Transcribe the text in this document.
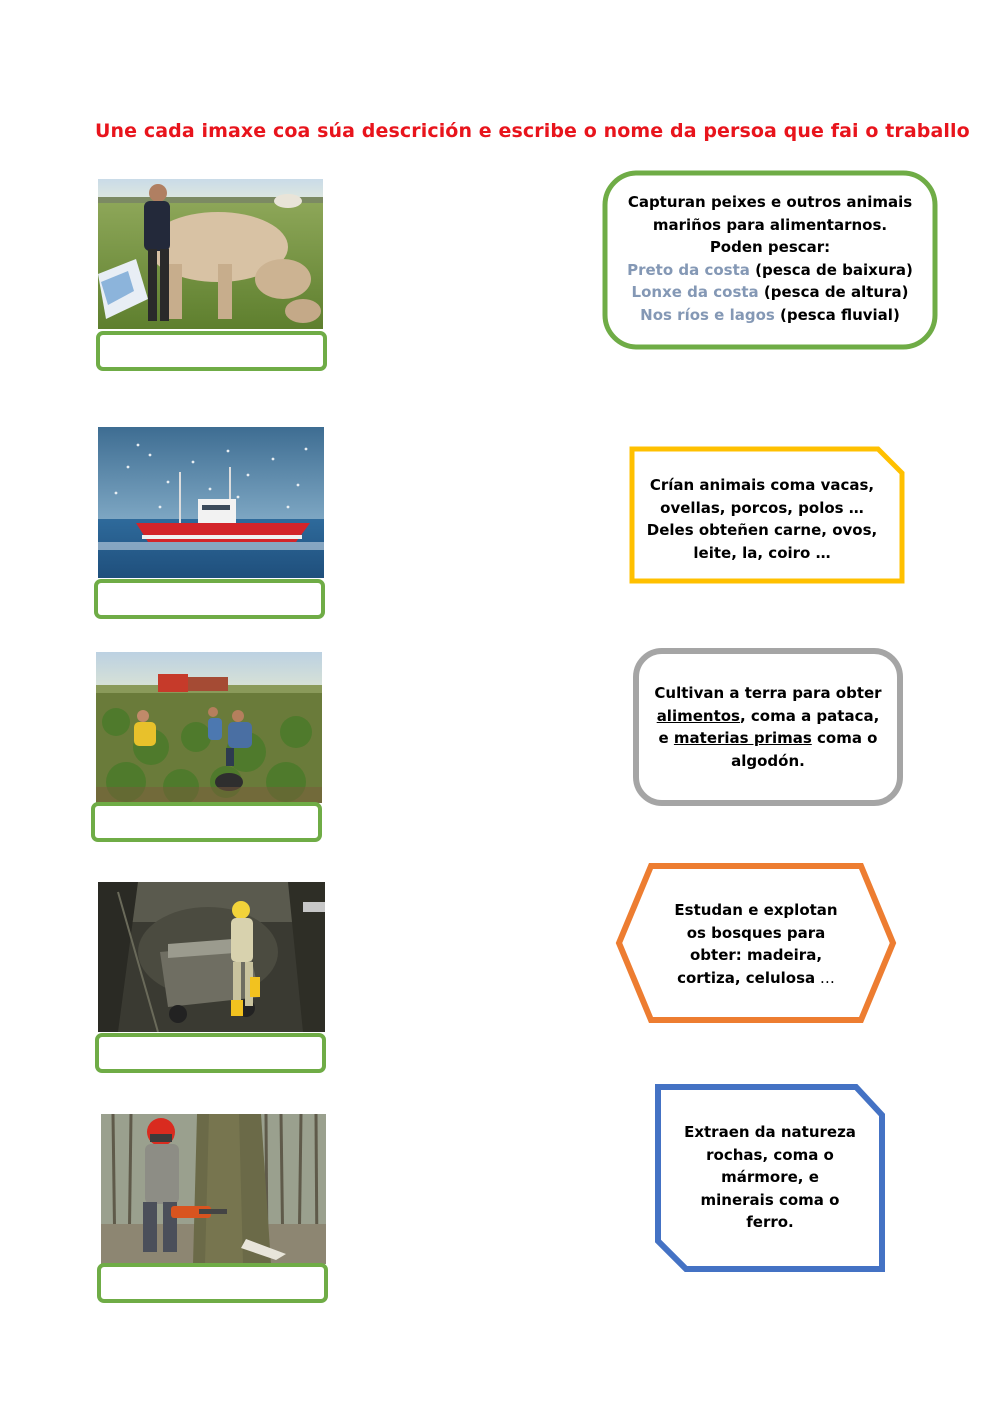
Une cada imaxe coa súa descrición e escribe o nome da persoa que fai o traballo
Capturan peixes e outros animais
mariños para alimentarnos.
Poden pescar:
Preto da costa (pesca de baixura)
Lonxe da costa (pesca de altura)
Nos ríos e lagos (pesca fluvial)
Crían animais coma vacas,
ovellas, porcos, polos …
Deles obteñen carne, ovos,
leite, la, coiro …
Cultivan a terra para obter
alimentos, coma a pataca,
e materias primas coma o
algodón.
Estudan e explotan
os bosques para
obter: madeira,
cortiza, celulosa …
Extraen da natureza
rochas, coma o
mármore, e
minerais coma o
ferro.
